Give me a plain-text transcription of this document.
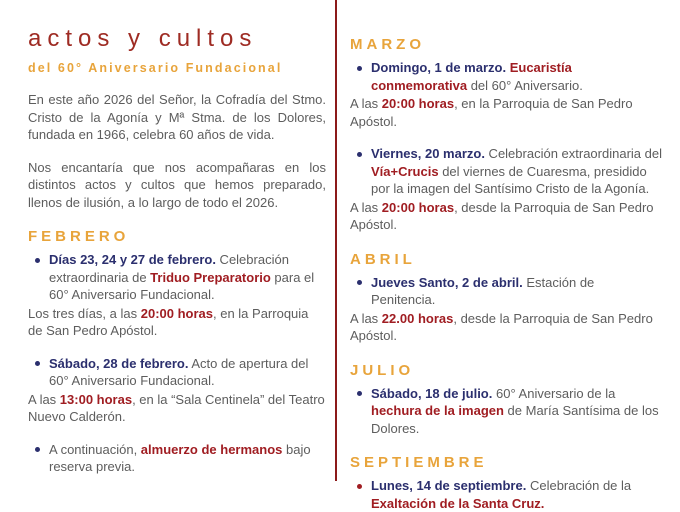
actos y cultos
del 60° Aniversario Fundacional

En este año 2026 del Señor, la Cofradía del Stmo. Cristo de la Agonía y Mª Stma. de los Dolores, fundada en 1966, celebra 60 años de vida.

Nos encantaría que nos acompañaras en los distintos actos y cultos que hemos preparado, llenos de ilusión, a lo largo de todo el 2026.

FEBRERO
Días 23, 24 y 27 de febrero. Celebración extraordinaria de Triduo Preparatorio para el 60° Aniversario Fundacional.
Los tres días, a las 20:00 horas, en la Parroquia de San Pedro Apóstol.
Sábado, 28 de febrero. Acto de apertura del 60° Aniversario Fundacional.
A las 13:00 horas, en la “Sala Centinela” del Teatro Nuevo Calderón.
A continuación, almuerzo de hermanos bajo reserva previa.
MARZO
Domingo, 1 de marzo. Eucaristía conmemorativa del 60° Aniversario.
A las 20:00 horas, en la Parroquia de San Pedro Apóstol.
Viernes, 20 marzo. Celebración extraordinaria del Vía+Crucis del viernes de Cuaresma, presidido por la imagen del Santísimo Cristo de la Agonía.
A las 20:00 horas, desde la Parroquia de San Pedro Apóstol.
ABRIL
Jueves Santo, 2 de abril. Estación de Penitencia.
A las 22.00 horas, desde la Parroquia de San Pedro Apóstol.
JULIO
Sábado, 18 de julio. 60° Aniversario de la hechura de la imagen de María Santísima de los Dolores.
SEPTIEMBRE
Lunes, 14 de septiembre. Celebración de la Exaltación de la Santa Cruz.
